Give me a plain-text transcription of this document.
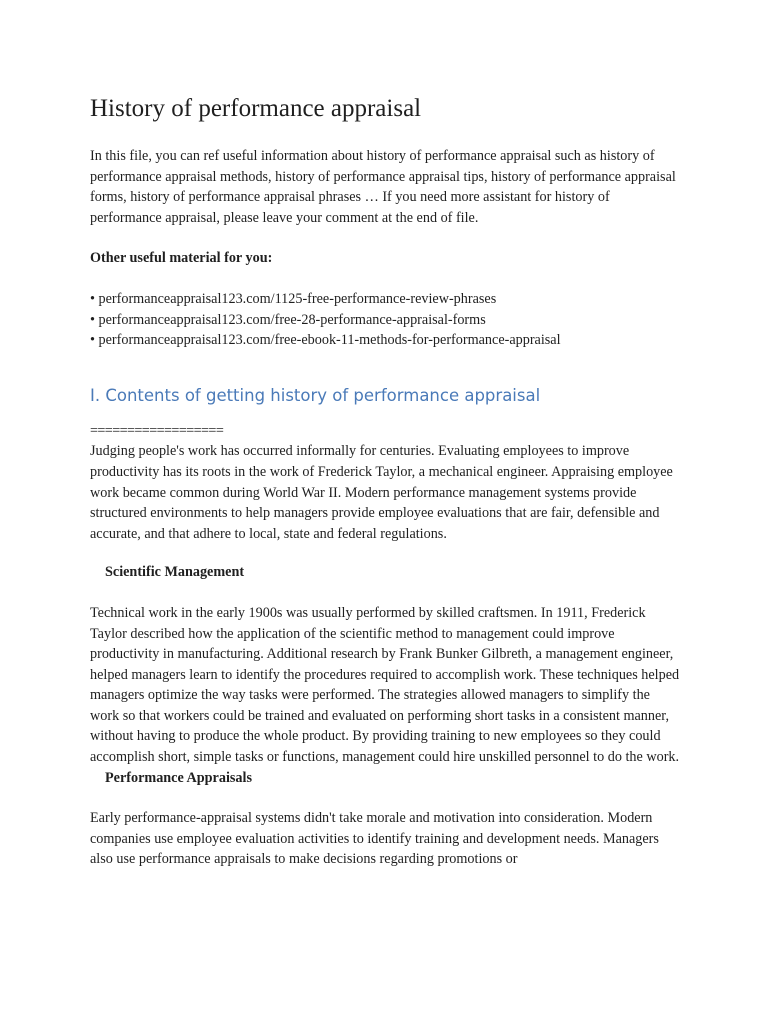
History of performance appraisal

In this file, you can ref useful information about history of performance appraisal such as history of performance appraisal methods, history of performance appraisal tips, history of performance appraisal forms, history of performance appraisal phrases … If you need more assistant for history of performance appraisal, please leave your comment at the end of file.

Other useful material for you:

• performanceappraisal123.com/1125-free-performance-review-phrases
• performanceappraisal123.com/free-28-performance-appraisal-forms
• performanceappraisal123.com/free-ebook-11-methods-for-performance-appraisal
I. Contents of getting history of performance appraisal

==================

Judging people's work has occurred informally for centuries. Evaluating employees to improve productivity has its roots in the work of Frederick Taylor, a mechanical engineer. Appraising employee work became common during World War II. Modern performance management systems provide structured environments to help managers provide employee evaluations that are fair, defensible and accurate, and that adhere to local, state and federal regulations.

Scientific Management

Technical work in the early 1900s was usually performed by skilled craftsmen. In 1911, Frederick Taylor described how the application of the scientific method to management could improve productivity in manufacturing. Additional research by Frank Bunker Gilbreth, a management engineer, helped managers learn to identify the procedures required to accomplish work. These techniques helped managers optimize the way tasks were performed. The strategies allowed managers to simplify the work so that workers could be trained and evaluated on performing short tasks in a consistent manner, without having to produce the whole product. By providing training to new employees so they could accomplish short, simple tasks or functions, management could hire unskilled personnel to do the work.

Performance Appraisals

Early performance-appraisal systems didn't take morale and motivation into consideration. Modern companies use employee evaluation activities to identify training and development needs. Managers also use performance appraisals to make decisions regarding promotions or
